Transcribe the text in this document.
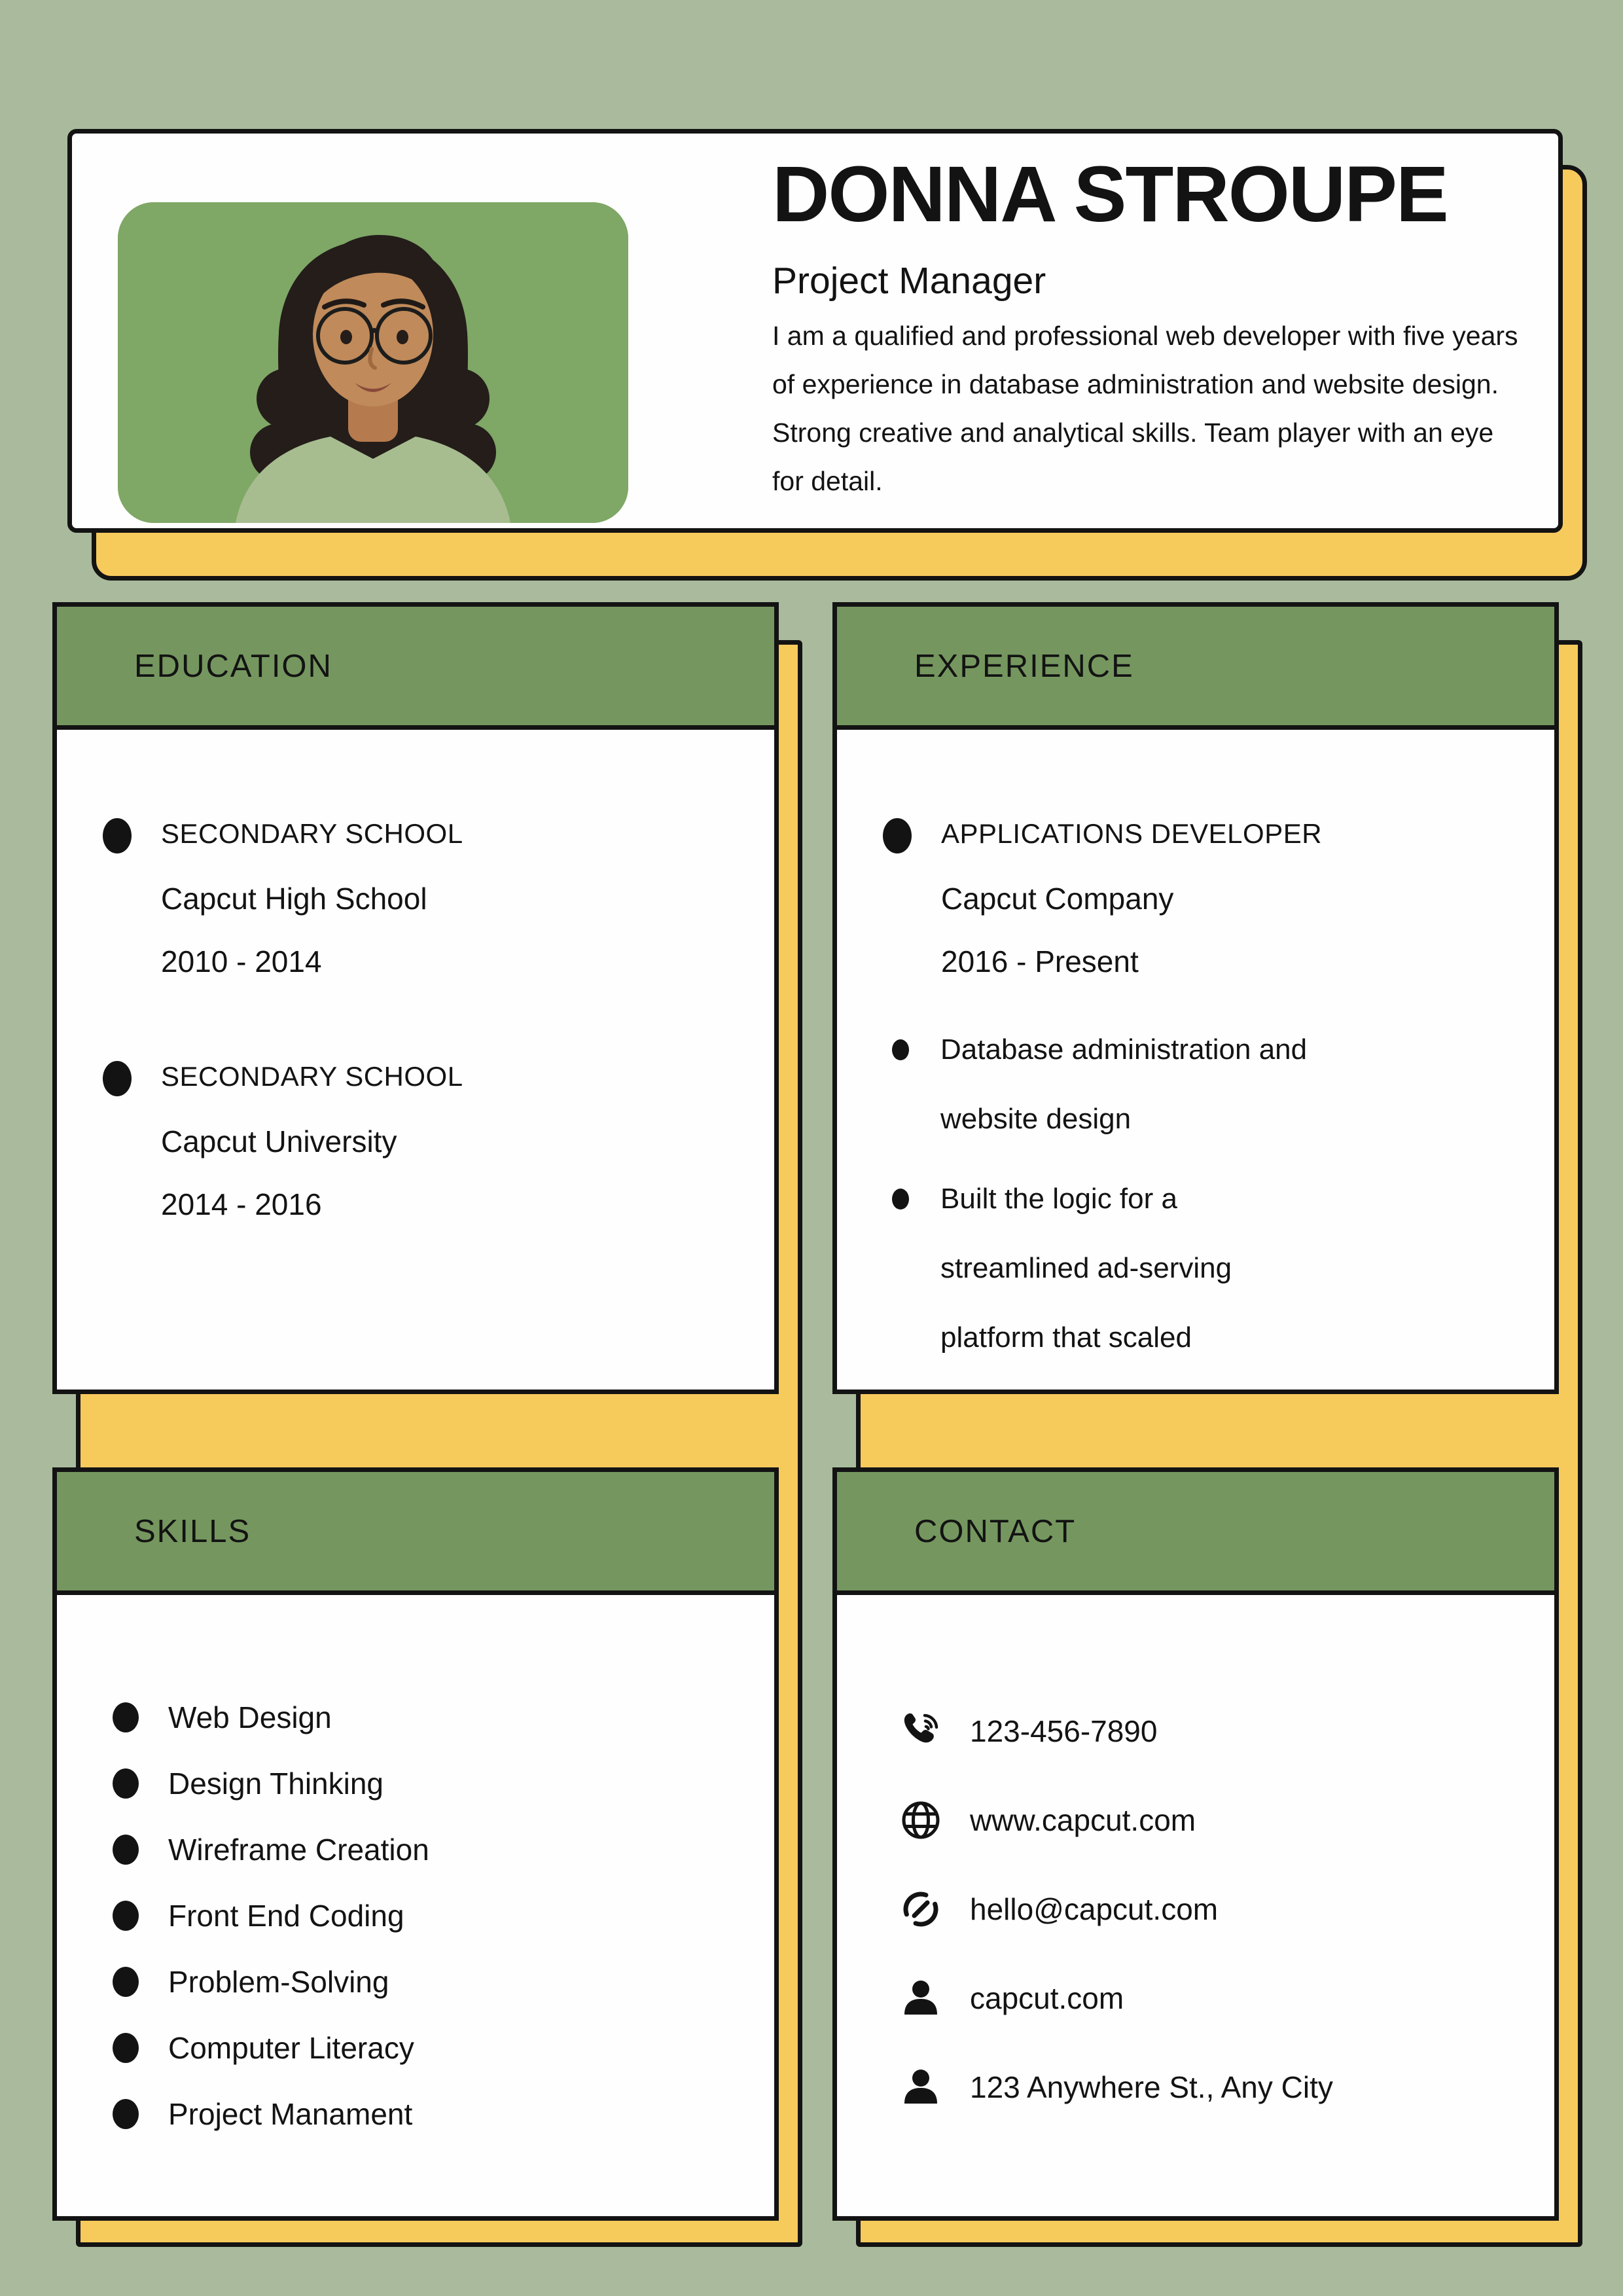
DONNA STROUPE
Project Manager

I am a qualified and professional web developer with five years of experience in database administration and website design. Strong creative and analytical skills. Team player with an eye for detail.

EDUCATION
SECONDARY SCHOOL
Capcut High School
2010 - 2014
SECONDARY SCHOOL
Capcut University
2014 - 2016
SKILLS
Web Design
Design Thinking
Wireframe Creation
Front End Coding
Problem-Solving
Computer Literacy
Project Manament
EXPERIENCE
APPLICATIONS DEVELOPER
Capcut Company
2016 - Present
Database administration and website design
Built the logic for a streamlined ad-serving platform that scaled
CONTACT
123-456-7890
www.capcut.com
hello@capcut.com
capcut.com
123 Anywhere St., Any City
